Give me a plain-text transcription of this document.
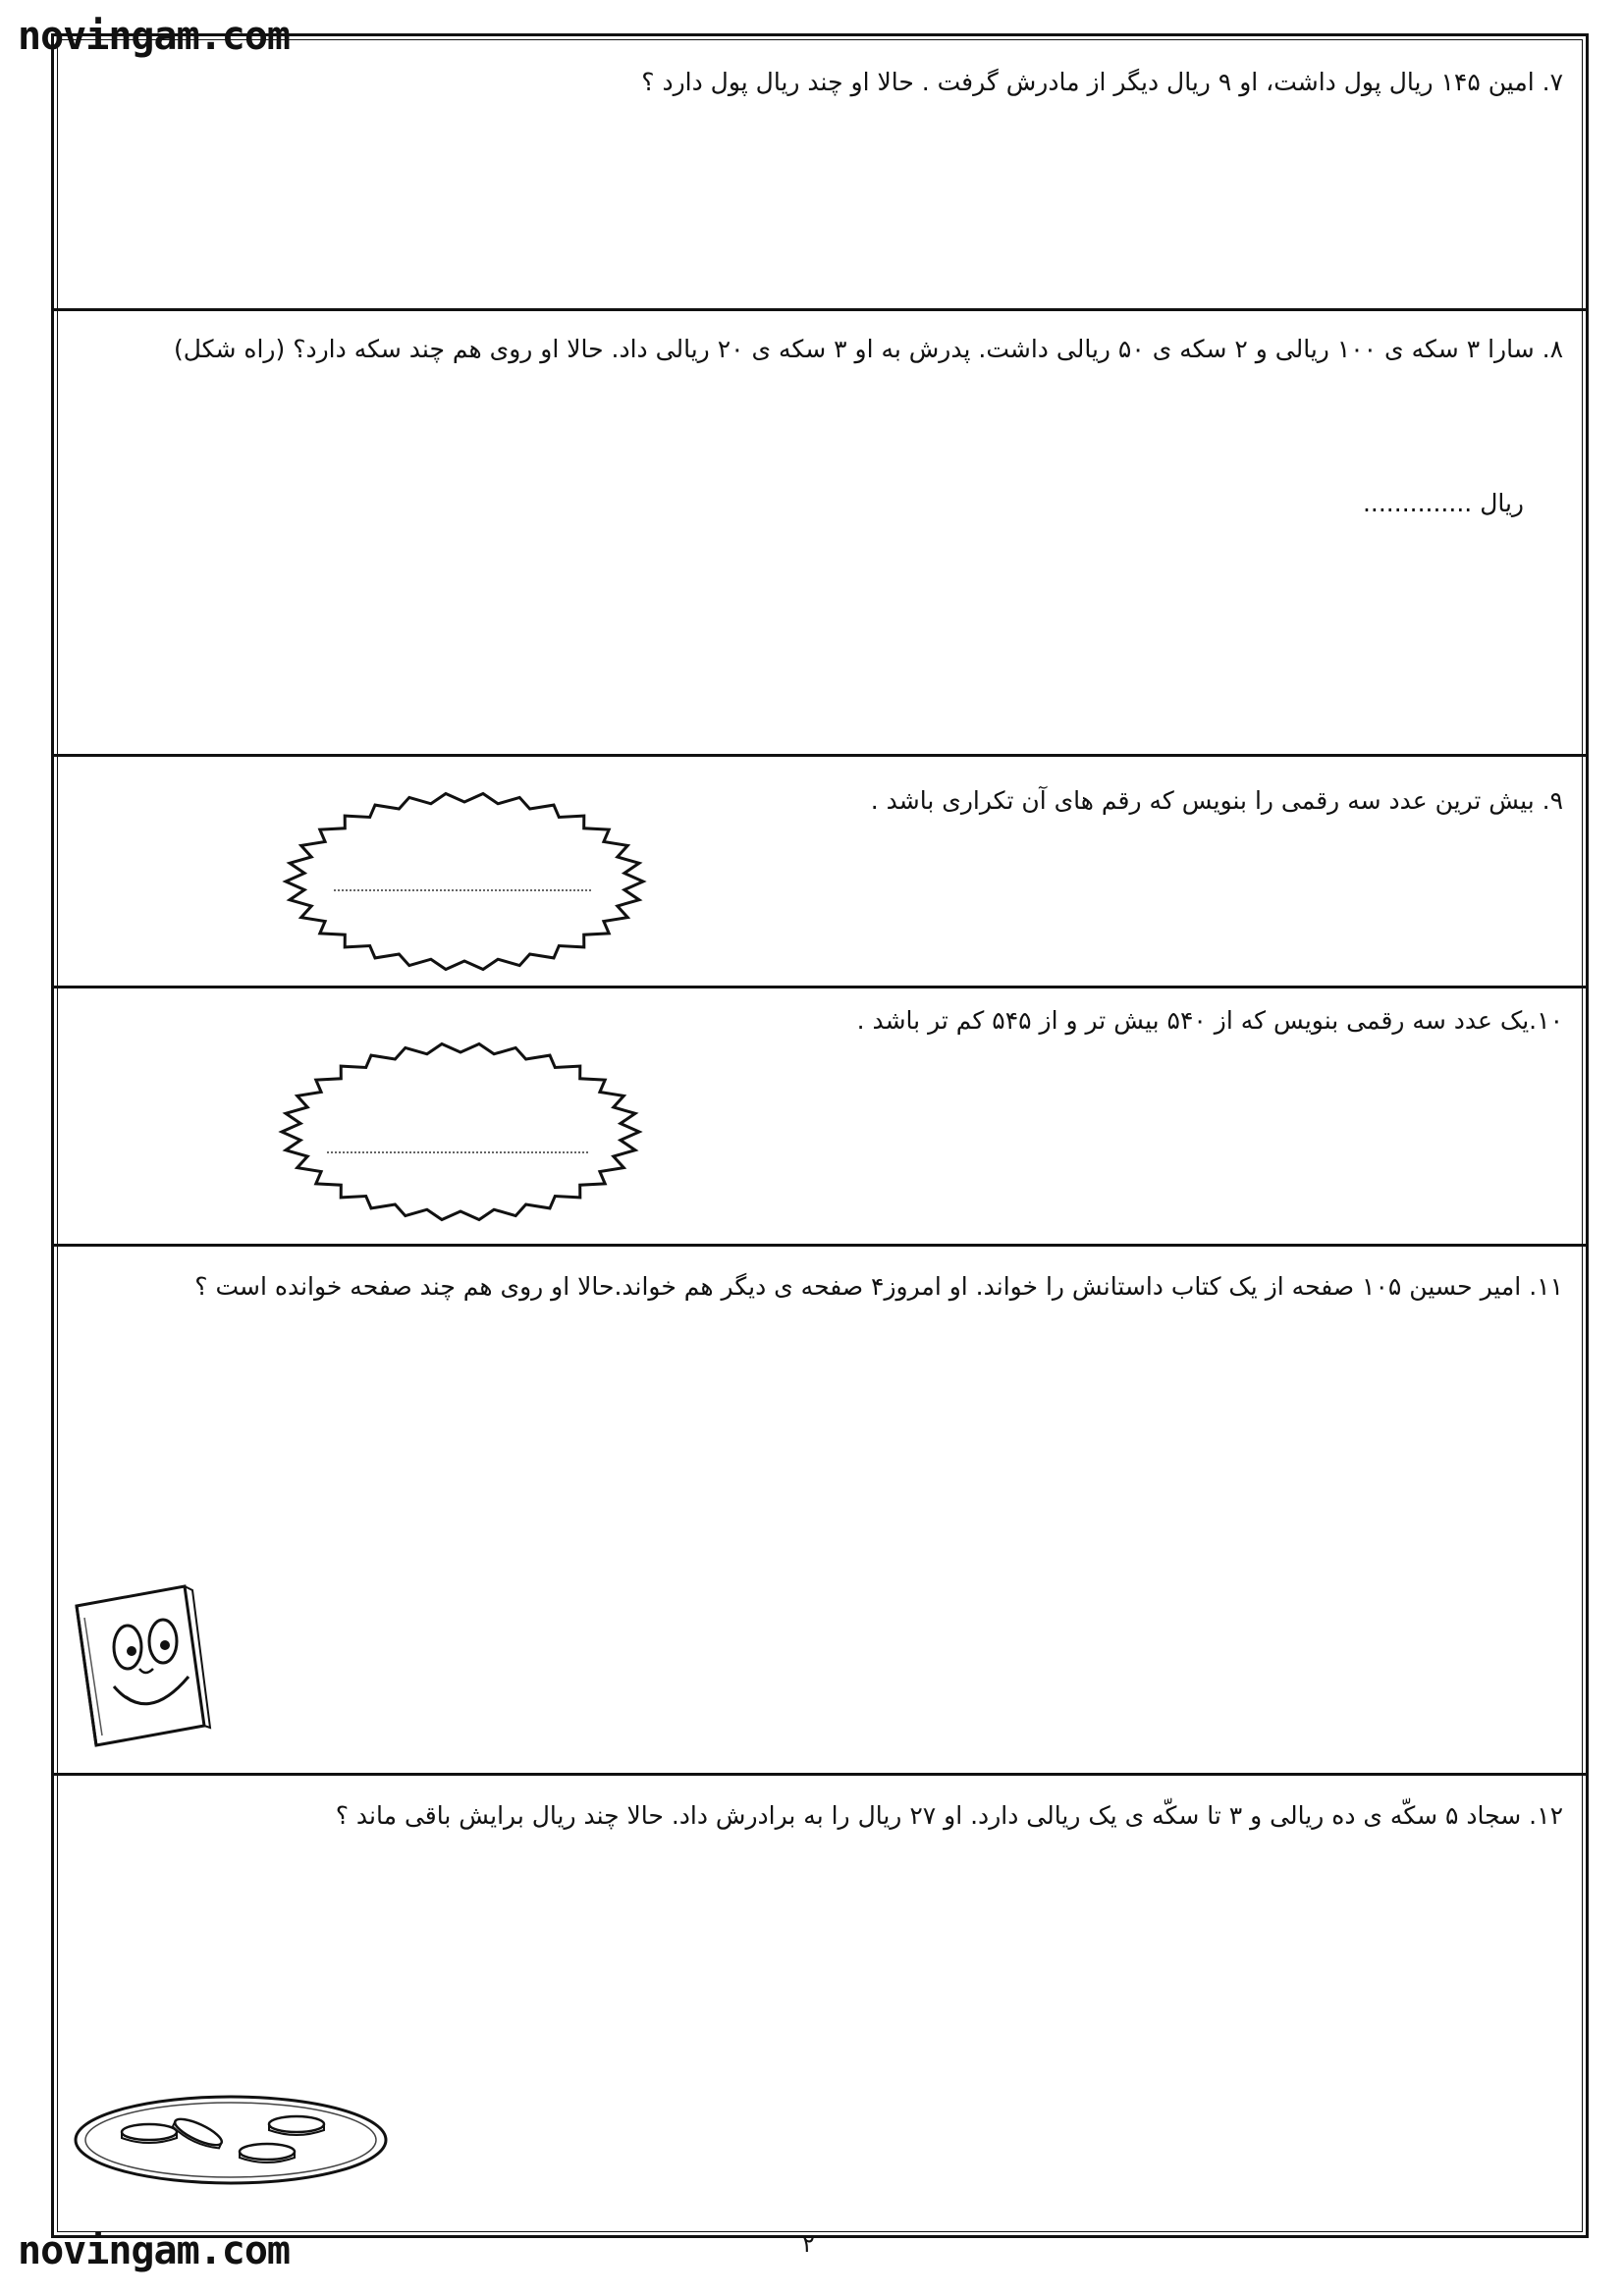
novingam.com
۷. امین ۱۴۵ ریال پول داشت، او ۹ ریال دیگر از مادرش گرفت . حالا او چند ریال پول دارد ؟
۸. سارا ۳ سکه ی ۱۰۰ ریالی و ۲ سکه ی ۵۰ ریالی داشت. پدرش به او ۳ سکه ی ۲۰ ریالی داد. حالا او روی هم چند سکه دارد؟ (راه شکل)
ریال ..............
۹. بیش ترین عدد سه رقمی را بنویس که رقم های آن تکراری باشد .
۱۰.یک عدد سه رقمی بنویس که از ۵۴۰ بیش تر و از ۵۴۵ کم تر باشد .
۱۱. امیر حسین ۱۰۵ صفحه از یک کتاب داستانش را خواند. او امروز۴ صفحه ی دیگر هم خواند.حالا او روی هم چند صفحه خوانده است ؟
۱۲. سجاد ۵ سکّه ی ده ریالی و ۳ تا سکّه ی یک ریالی دارد. او ۲۷ ریال را به برادرش داد. حالا چند ریال برایش باقی ماند ؟
۲
novingam.com
